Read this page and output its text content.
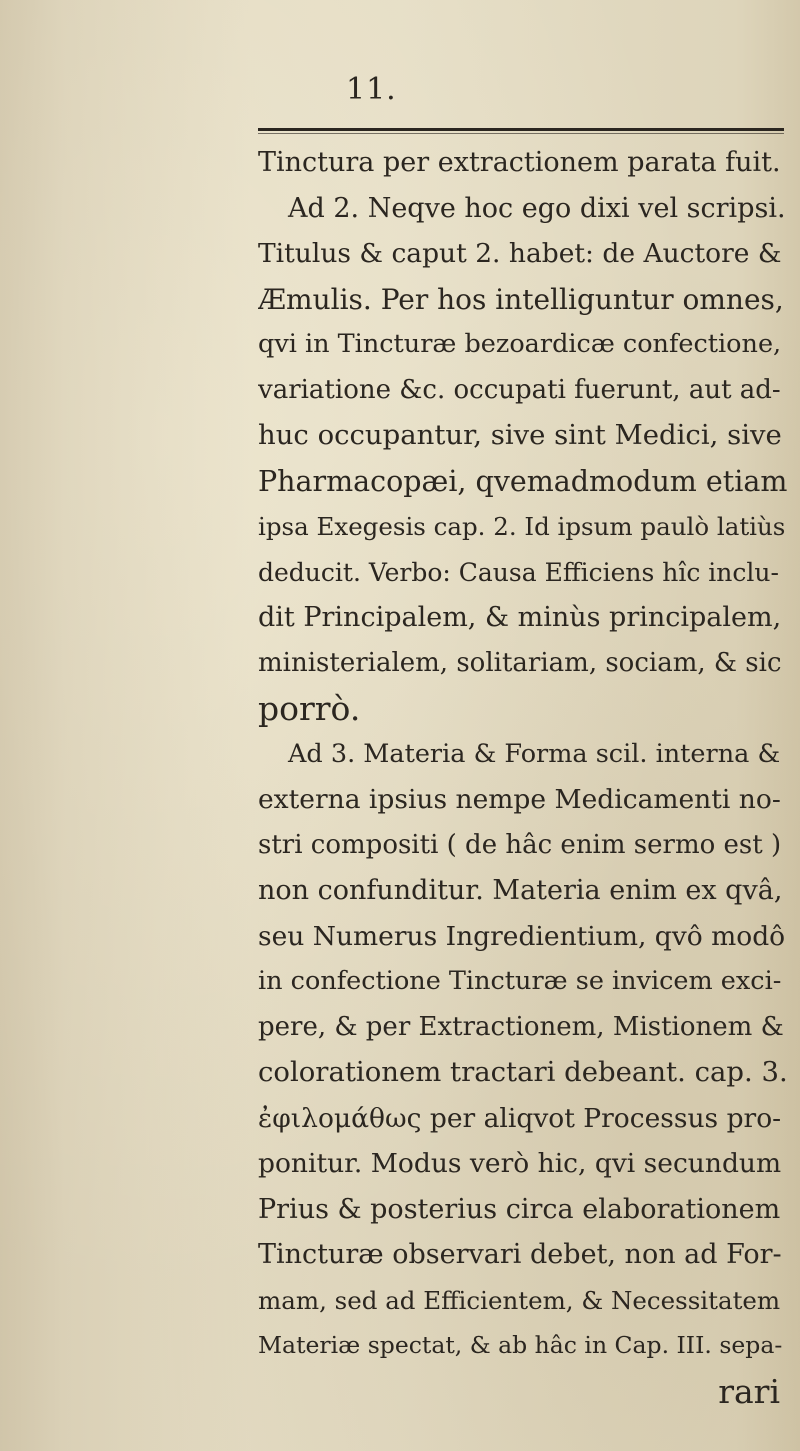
11.
Tinctura per extractionem parata fuit.
Ad 2. Neqve hoc ego dixi vel scripsi.
Titulus & caput 2. habet: de Auctore &
Æmulis. Per hos intelliguntur omnes,
qvi in Tincturæ bezoardicæ confectione,
variatione &c. occupati fuerunt, aut ad-
huc occupantur, sive sint Medici, sive
Pharmacopæi, qvemadmodum etiam
ipsa Exegesis cap. 2. Id ipsum paulò latiùs
deducit. Verbo: Causa Efficiens hîc inclu-
dit Principalem, & minùs principalem,
ministerialem, solitariam, sociam, & sic
porrò.
Ad 3. Materia & Forma scil. interna &
externa ipsius nempe Medicamenti no-
stri compositi ( de hâc enim sermo est )
non confunditur. Materia enim ex qvâ,
seu Numerus Ingredientium, qvô modô
in confectione Tincturæ se invicem exci-
pere, & per Extractionem, Mistionem &
colorationem tractari debeant. cap. 3.
ἐφιλομάθως per aliqvot Processus pro-
ponitur. Modus verò hic, qvi secundum
Prius & posterius circa elaborationem
Tincturæ observari debet, non ad For-
mam, sed ad Efficientem, & Necessitatem
Materiæ spectat, & ab hâc in Cap. III. sepa-
rari
